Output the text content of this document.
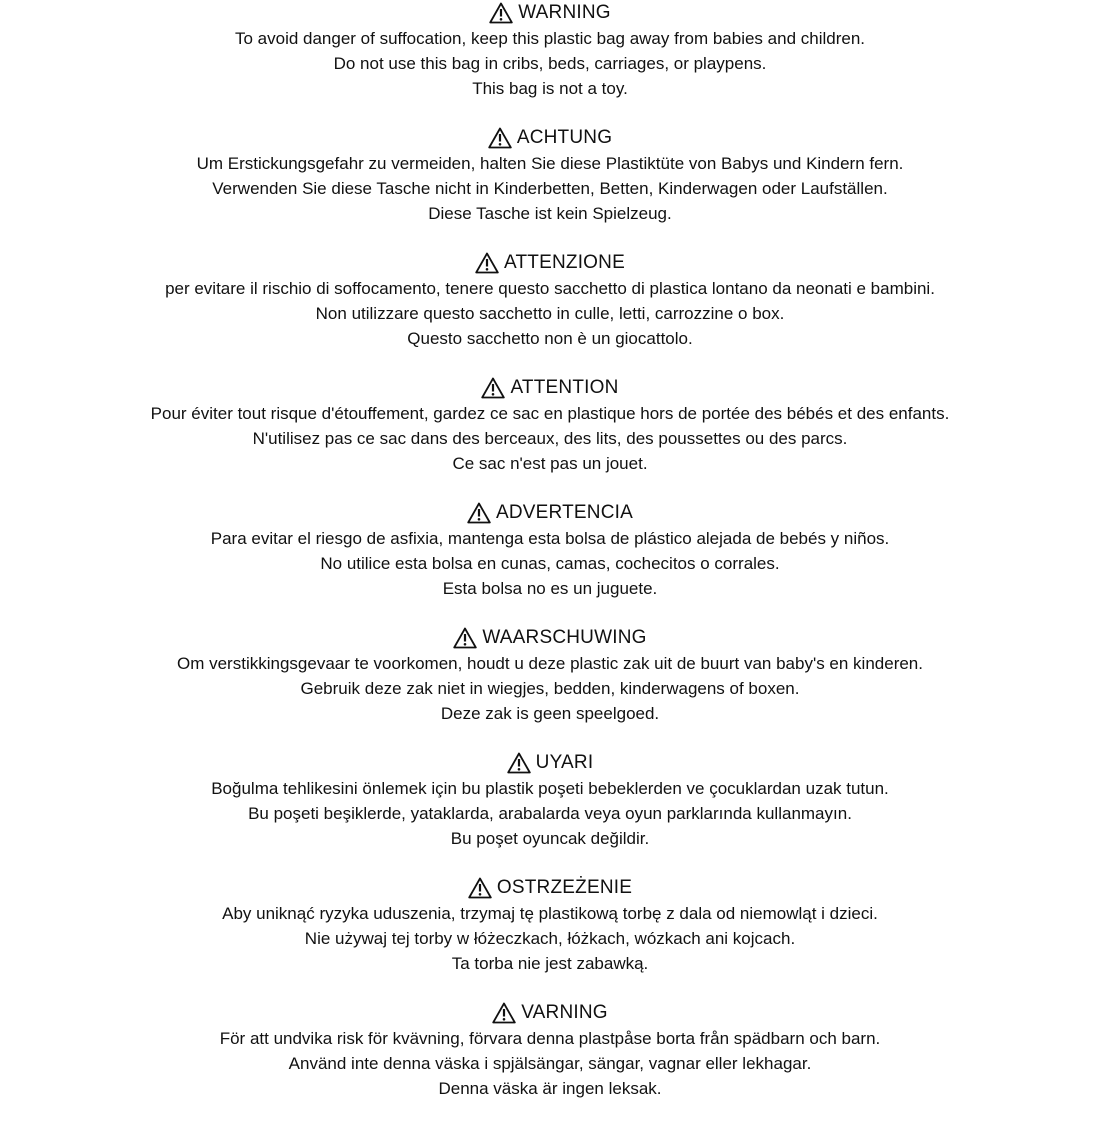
WARNING
To avoid danger of suffocation, keep this plastic bag away from babies and children.
Do not use this bag in cribs, beds, carriages, or playpens.
This bag is not a toy.
ACHTUNG
Um Erstickungsgefahr zu vermeiden, halten Sie diese Plastiktüte von Babys und Kindern fern.
Verwenden Sie diese Tasche nicht in Kinderbetten, Betten, Kinderwagen oder Laufställen.
Diese Tasche ist kein Spielzeug.
ATTENZIONE
per evitare il rischio di soffocamento, tenere questo sacchetto di plastica lontano da neonati e bambini.
Non utilizzare questo sacchetto in culle, letti, carrozzine o box.
Questo sacchetto non è un giocattolo.
ATTENTION
Pour éviter tout risque d'étouffement, gardez ce sac en plastique hors de portée des bébés et des enfants.
N'utilisez pas ce sac dans des berceaux, des lits, des poussettes ou des parcs.
Ce sac n'est pas un jouet.
ADVERTENCIA
Para evitar el riesgo de asfixia, mantenga esta bolsa de plástico alejada de bebés y niños.
No utilice esta bolsa en cunas, camas, cochecitos o corrales.
Esta bolsa no es un juguete.
WAARSCHUWING
Om verstikkingsgevaar te voorkomen, houdt u deze plastic zak uit de buurt van baby's en kinderen.
Gebruik deze zak niet in wiegjes, bedden, kinderwagens of boxen.
Deze zak is geen speelgoed.
UYARI
Boğulma tehlikesini önlemek için bu plastik poşeti bebeklerden ve çocuklardan uzak tutun.
Bu poşeti beşiklerde, yataklarda, arabalarda veya oyun parklarında kullanmayın.
Bu poşet oyuncak değildir.
OSTRZEŻENIE
Aby uniknąć ryzyka uduszenia, trzymaj tę plastikową torbę z dala od niemowląt i dzieci.
Nie używaj tej torby w łóżeczkach, łóżkach, wózkach ani kojcach.
Ta torba nie jest zabawką.
VARNING
För att undvika risk för kvävning, förvara denna plastpåse borta från spädbarn och barn.
Använd inte denna väska i spjälsängar, sängar, vagnar eller lekhagar.
Denna väska är ingen leksak.
